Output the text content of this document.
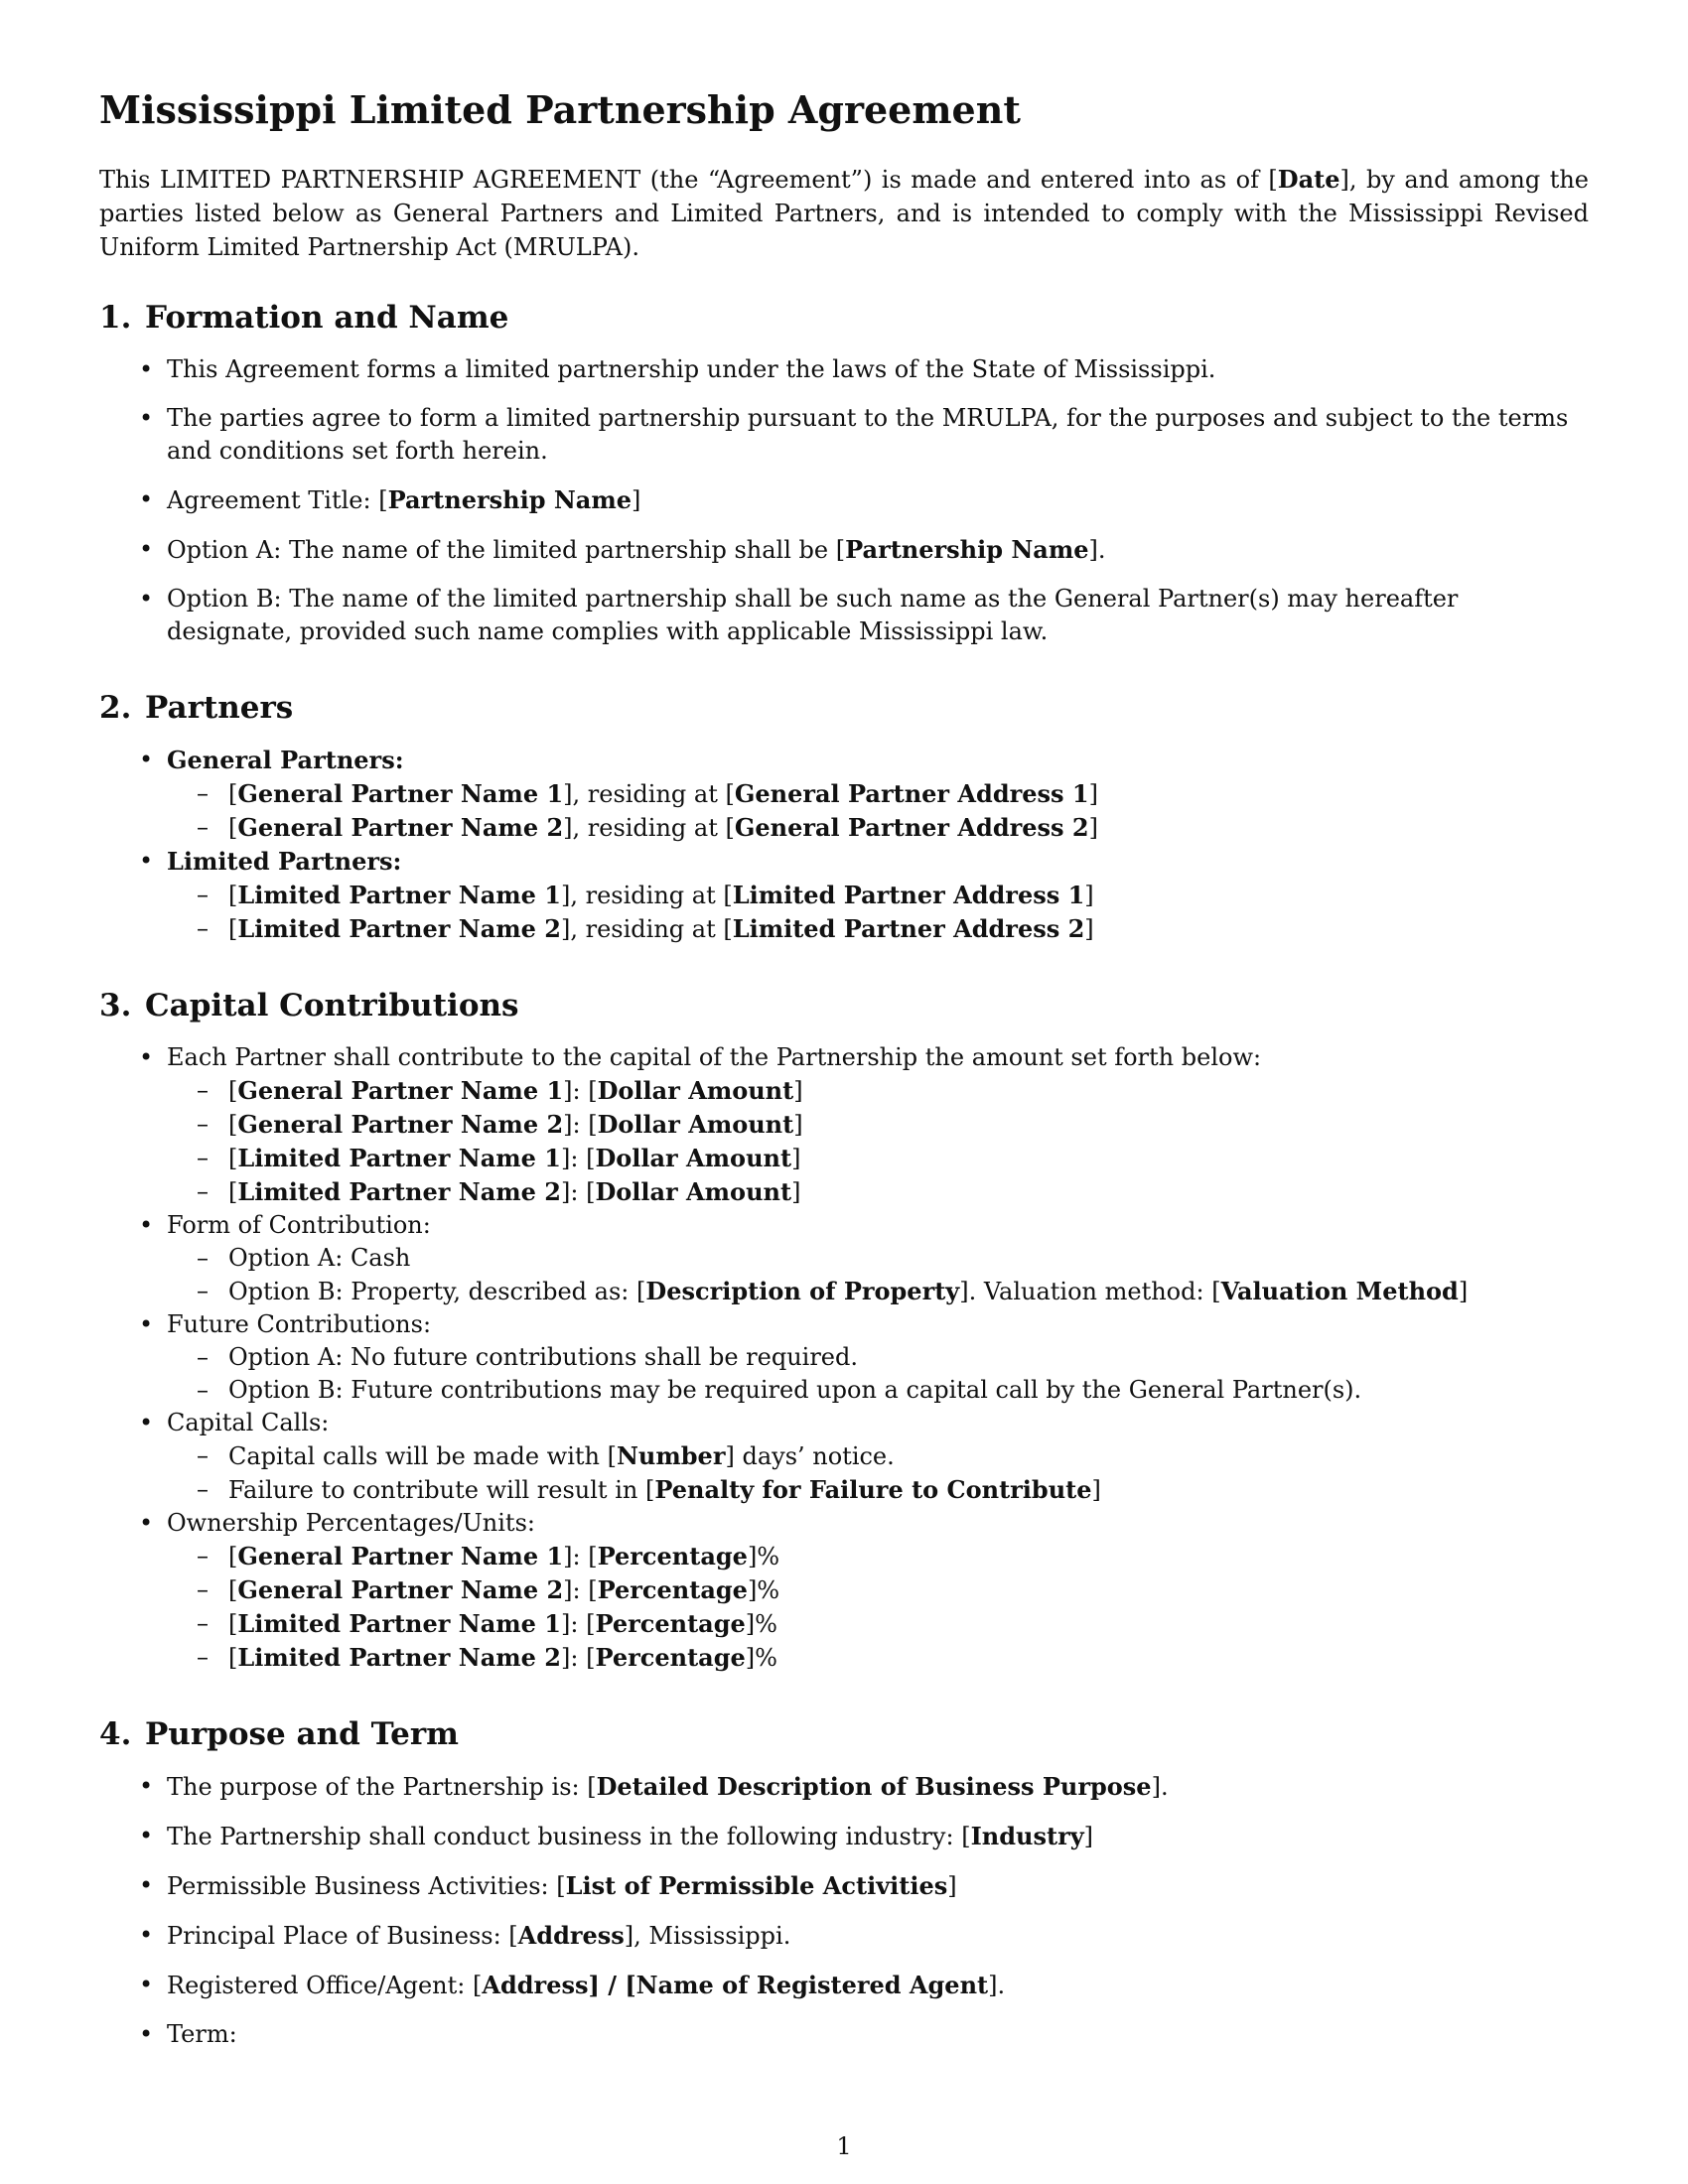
Mississippi Limited Partnership Agreement

This LIMITED PARTNERSHIP AGREEMENT (the “Agreement”) is made and entered into as of [Date], by and among the parties listed below as General Partners and Limited Partners, and is intended to comply with the Mississippi Revised Uniform Limited Partnership Act (MRULPA).

1. Formation and Name
• This Agreement forms a limited partnership under the laws of the State of Mississippi.
• The parties agree to form a limited partnership pursuant to the MRULPA, for the purposes and subject to the terms and conditions set forth herein.
• Agreement Title: [Partnership Name]
• Option A: The name of the limited partnership shall be [Partnership Name].
• Option B: The name of the limited partnership shall be such name as the General Partner(s) may hereafter designate, provided such name complies with applicable Mississippi law.
2. Partners
• General Partners:
– [General Partner Name 1], residing at [General Partner Address 1]
– [General Partner Name 2], residing at [General Partner Address 2]
• Limited Partners:
– [Limited Partner Name 1], residing at [Limited Partner Address 1]
– [Limited Partner Name 2], residing at [Limited Partner Address 2]
3. Capital Contributions
• Each Partner shall contribute to the capital of the Partnership the amount set forth below:
– [General Partner Name 1]: [Dollar Amount]
– [General Partner Name 2]: [Dollar Amount]
– [Limited Partner Name 1]: [Dollar Amount]
– [Limited Partner Name 2]: [Dollar Amount]
• Form of Contribution:
– Option A: Cash
– Option B: Property, described as: [Description of Property]. Valuation method: [Valuation Method]
• Future Contributions:
– Option A: No future contributions shall be required.
– Option B: Future contributions may be required upon a capital call by the General Partner(s).
• Capital Calls:
– Capital calls will be made with [Number] days’ notice.
– Failure to contribute will result in [Penalty for Failure to Contribute]
• Ownership Percentages/Units:
– [General Partner Name 1]: [Percentage]%
– [General Partner Name 2]: [Percentage]%
– [Limited Partner Name 1]: [Percentage]%
– [Limited Partner Name 2]: [Percentage]%
4. Purpose and Term
• The purpose of the Partnership is: [Detailed Description of Business Purpose].
• The Partnership shall conduct business in the following industry: [Industry]
• Permissible Business Activities: [List of Permissible Activities]
• Principal Place of Business: [Address], Mississippi.
• Registered Office/Agent: [Address] / [Name of Registered Agent].
• Term:
1
